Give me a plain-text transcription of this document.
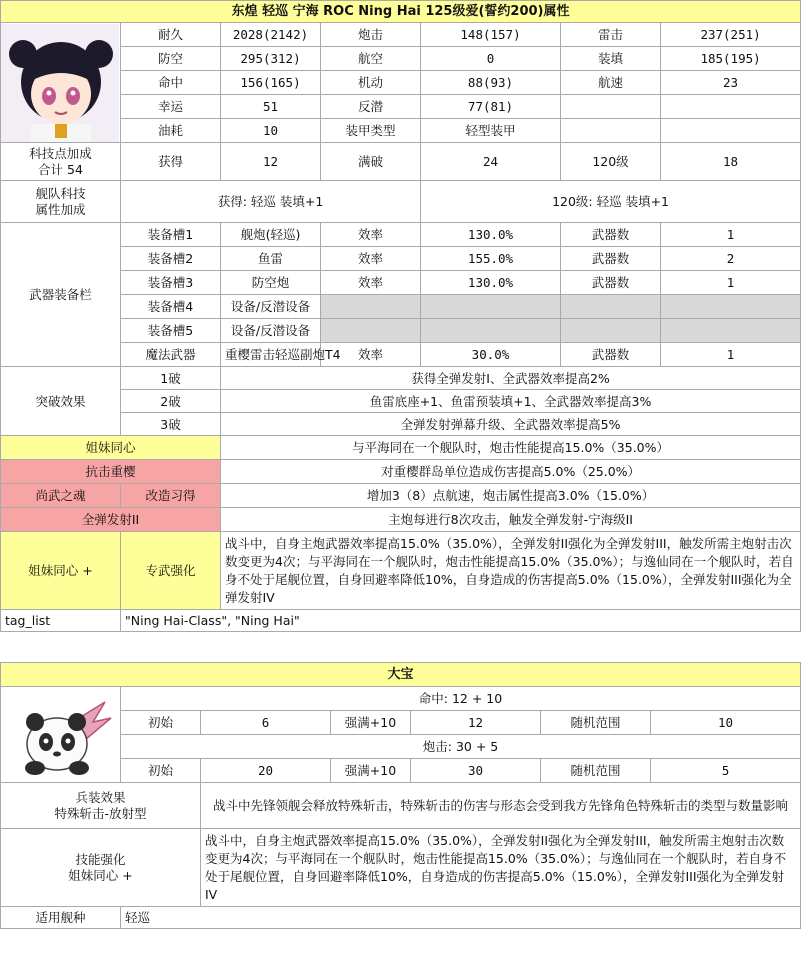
东煌 轻巡 宁海 ROC Ning Hai 125级爱(誓约200)属性						

	耐久	2028(2142)	炮击	148(157)	雷击	237(251)
	防空	295(312)	航空	0	装填	185(195)
	命中	156(165)	机动	88(93)	航速	23
	幸运	51	反潜	77(81)		
	油耗	10	装甲类型	轻型装甲		
科技点加成
合计 54	获得	12	满破	24	120级	18
舰队科技
属性加成	获得: 轻巡 装填+1			120级: 轻巡 装填+1		
武器装备栏	装备槽1	舰炮(轻巡)	效率	130.0%	武器数	1
	装备槽2	鱼雷	效率	155.0%	武器数	2
	装备槽3	防空炮	效率	130.0%	武器数	1
	装备槽4	设备/反潜设备				
	装备槽5	设备/反潜设备				
	魔法武器	重樱雷击轻巡副炮T4	效率	30.0%	武器数	1
突破效果	1破	获得全弹发射I、全武器效率提高2%				
	2破	鱼雷底座+1、鱼雷预装填+1、全武器效率提高3%				
	3破	全弹发射弹幕升级、全武器效率提高5%				
姐妹同心		与平海同在一个舰队时，炮击性能提高15.0%（35.0%）				
抗击重樱		对重樱群岛单位造成伤害提高5.0%（25.0%）				
尚武之魂	改造习得	增加3（8）点航速，炮击属性提高3.0%（15.0%）				
全弹发射II		主炮每进行8次攻击，触发全弹发射-宁海级II				
姐妹同心 +	专武强化	战斗中，自身主炮武器效率提高15.0%（35.0%），全弹发射II强化为全弹发射III，触发所需主炮射击次数变更为4次；与平海同在一个舰队时，炮击性能提高15.0%（35.0%）；与逸仙同在一个舰队时，若自身不处于尾舰位置，自身回避率降低10%，自身造成的伤害提高5.0%（15.0%），全弹发射III强化为全弹发射IV				
tag_list	"Ning Hai-Class", "Ning Hai"					
大宝						

	命中: 12 + 10					
	初始	6	强满+10	12	随机范围	10
	炮击: 30 + 5					
	初始	20	强满+10	30	随机范围	5
兵装效果
特殊斩击-放射型		战斗中先锋领舰会释放特殊斩击，特殊斩击的伤害与形态会受到我方先锋角色特殊斩击的类型与数量影响				
技能强化
姐妹同心 +		战斗中，自身主炮武器效率提高15.0%（35.0%），全弹发射II强化为全弹发射III，触发所需主炮射击次数变更为4次；与平海同在一个舰队时，炮击性能提高15.0%（35.0%）；与逸仙同在一个舰队时，若自身不处于尾舰位置，自身回避率降低10%，自身造成的伤害提高5.0%（15.0%），全弹发射III强化为全弹发射IV				
适用舰种	轻巡					
